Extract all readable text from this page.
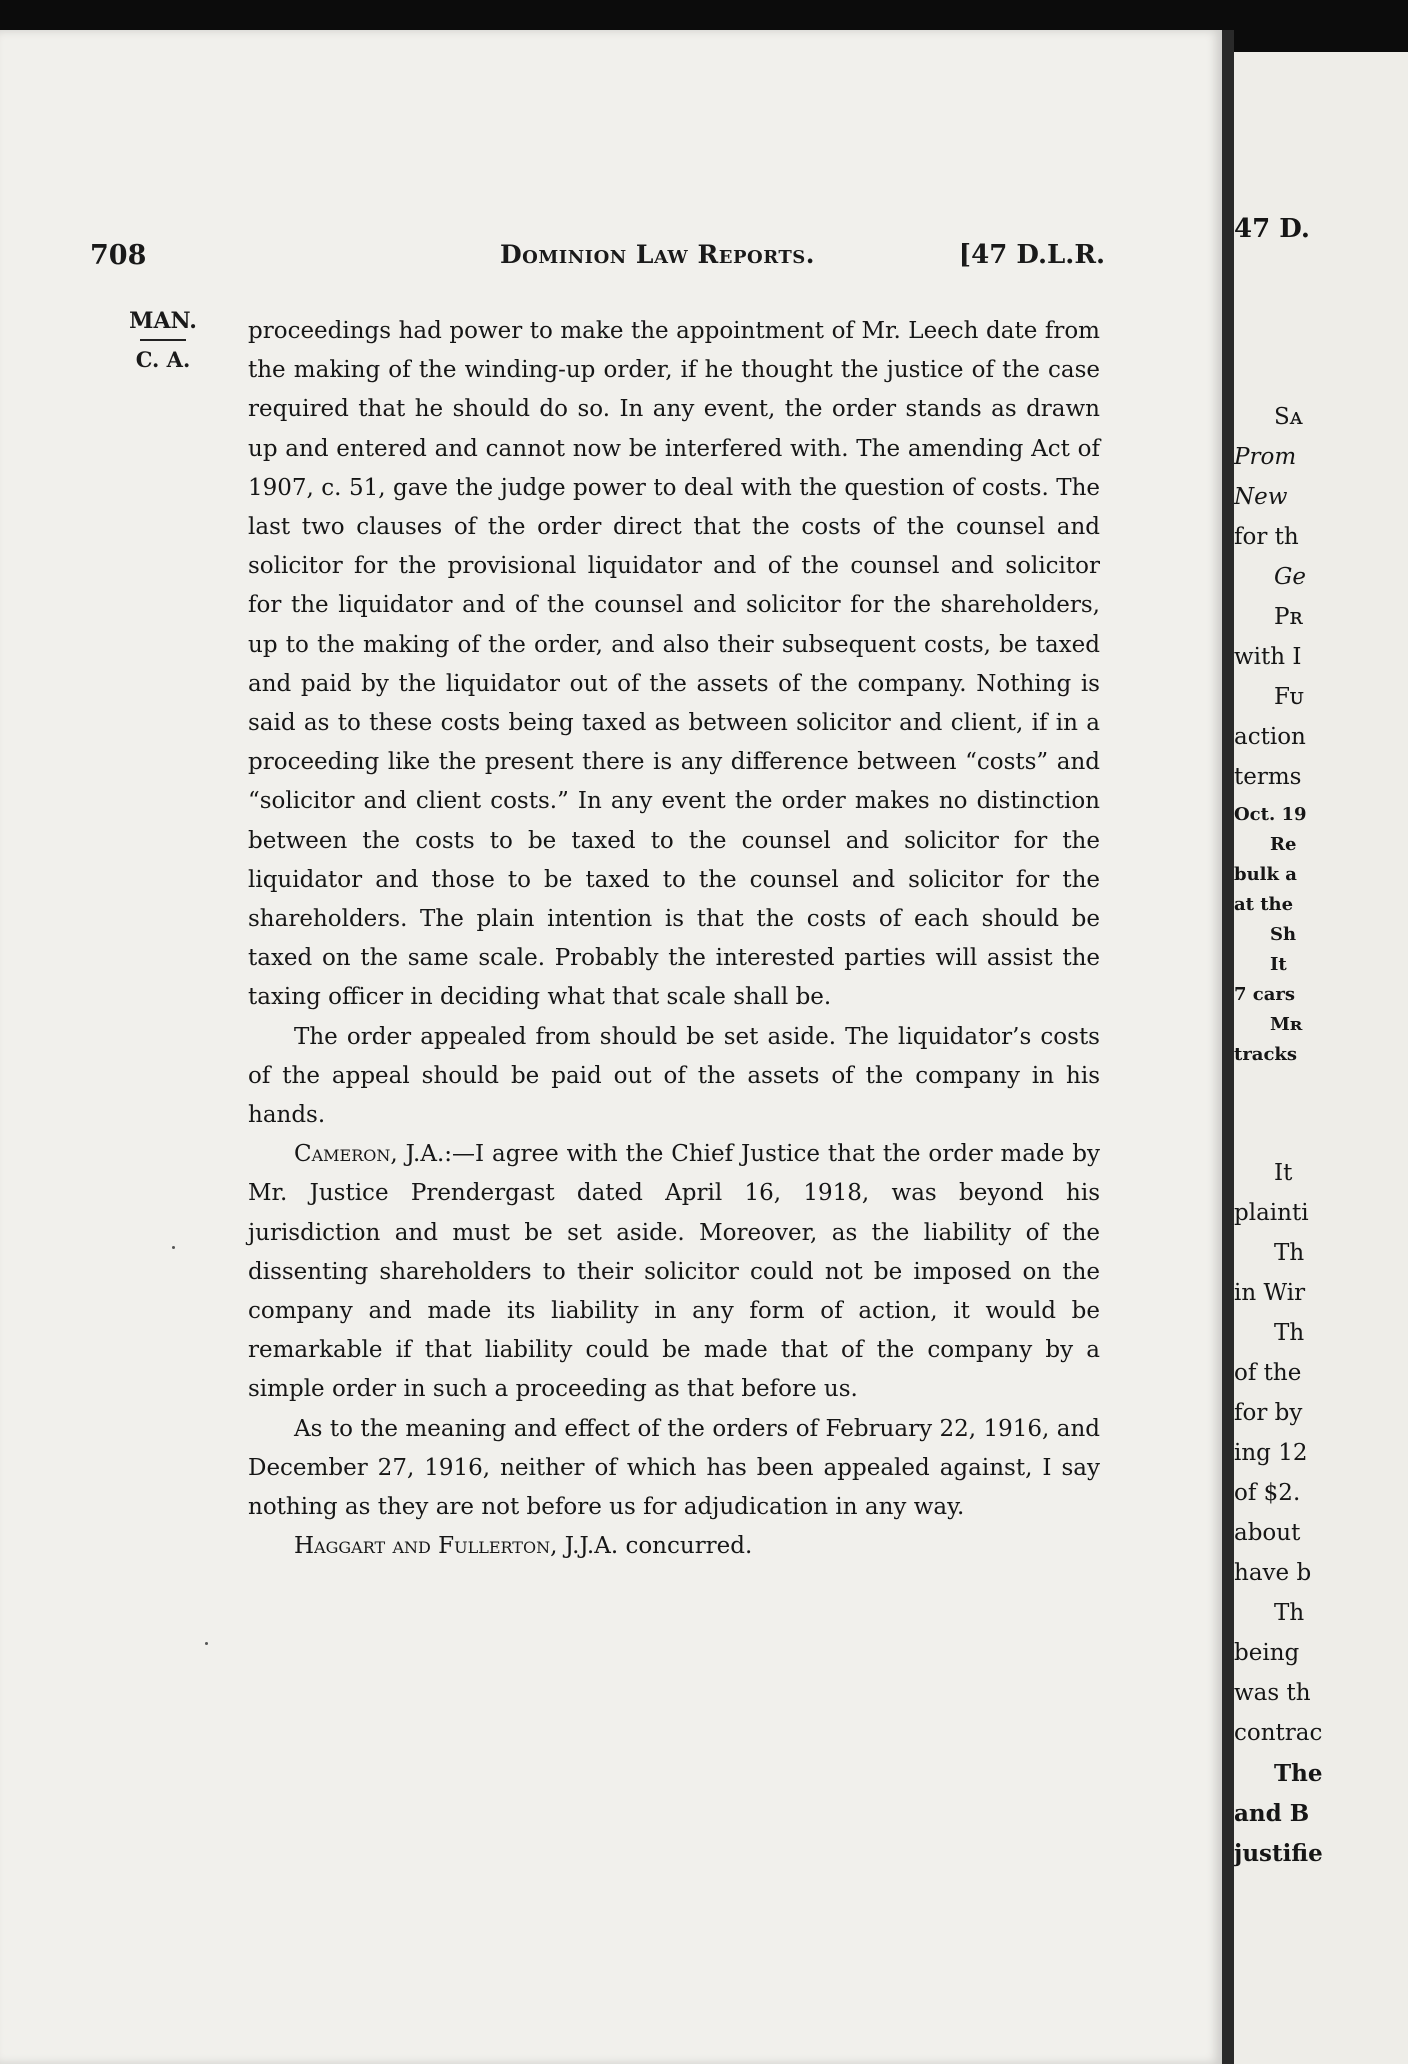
708	Dominion Law Reports.	[47 D.L.R.
MAN.
C. A.

proceedings had power to make the appointment of Mr. Leech date from the making of the winding-up order, if he thought the justice of the case required that he should do so. In any event, the order stands as drawn up and entered and cannot now be interfered with. The amending Act of 1907, c. 51, gave the judge power to deal with the question of costs. The last two clauses of the order direct that the costs of the counsel and solicitor for the provisional liquidator and of the counsel and solicitor for the liquidator and of the counsel and solicitor for the shareholders, up to the making of the order, and also their subsequent costs, be taxed and paid by the liquidator out of the assets of the company. Nothing is said as to these costs being taxed as between solicitor and client, if in a proceeding like the present there is any difference between “costs” and “solicitor and client costs.” In any event the order makes no distinction between the costs to be taxed to the counsel and solicitor for the liquidator and those to be taxed to the counsel and solicitor for the shareholders. The plain intention is that the costs of each should be taxed on the same scale. Probably the interested parties will assist the taxing officer in deciding what that scale shall be.

The order appealed from should be set aside. The liquidator’s costs of the appeal should be paid out of the assets of the company in his hands.

Cameron, J.A.:—I agree with the Chief Justice that the order made by Mr. Justice Prendergast dated April 16, 1918, was beyond his jurisdiction and must be set aside. Moreover, as the liability of the dissenting shareholders to their solicitor could not be imposed on the company and made its liability in any form of action, it would be remarkable if that liability could be made that of the company by a simple order in such a proceeding as that before us.

As to the meaning and effect of the orders of February 22, 1916, and December 27, 1916, neither of which has been appealed against, I say nothing as they are not before us for adjudication in any way.

Haggart and Fullerton, J.J.A. concurred.

47 D.
Sᴀ
Prom
New
for th
Ge
Pʀ
with I
Fᴜ
action
terms
Oct. 19
Re
bulk a
at the
Sh
It
7 cars
Mʀ
tracks
It
plainti
Th
in Wir
Th
of the
for by
ing 12
of $2.
about
have b
Th
being
was th
contrac
The
and B
justifie
